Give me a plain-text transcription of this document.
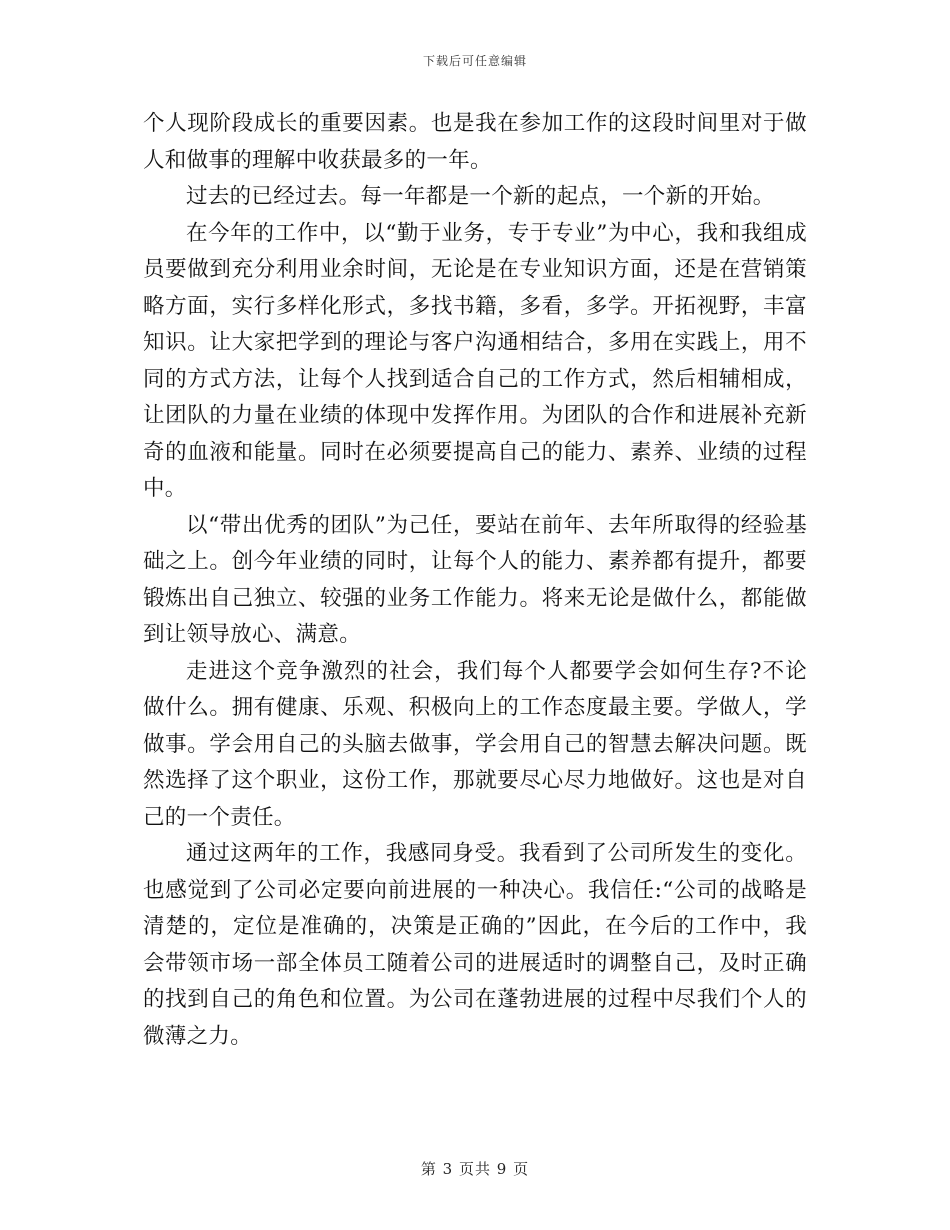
下载后可任意编辑

个人现阶段成长的重要因素。也是我在参加工作的这段时间里对于做人和做事的理解中收获最多的一年。

过去的已经过去。每一年都是一个新的起点，一个新的开始。

在今年的工作中，以“勤于业务，专于专业”为中心，我和我组成员要做到充分利用业余时间，无论是在专业知识方面，还是在营销策略方面，实行多样化形式，多找书籍，多看，多学。开拓视野，丰富知识。让大家把学到的理论与客户沟通相结合，多用在实践上，用不同的方式方法，让每个人找到适合自己的工作方式，然后相辅相成，让团队的力量在业绩的体现中发挥作用。为团队的合作和进展补充新奇的血液和能量。同时在必须要提高自己的能力、素养、业绩的过程中。

以“带出优秀的团队”为己任，要站在前年、去年所取得的经验基础之上。创今年业绩的同时，让每个人的能力、素养都有提升，都要锻炼出自己独立、较强的业务工作能力。将来无论是做什么，都能做到让领导放心、满意。

走进这个竞争激烈的社会，我们每个人都要学会如何生存?不论做什么。拥有健康、乐观、积极向上的工作态度最主要。学做人，学做事。学会用自己的头脑去做事，学会用自己的智慧去解决问题。既然选择了这个职业，这份工作，那就要尽心尽力地做好。这也是对自己的一个责任。

通过这两年的工作，我感同身受。我看到了公司所发生的变化。也感觉到了公司必定要向前进展的一种决心。我信任:“公司的战略是清楚的，定位是准确的，决策是正确的”因此，在今后的工作中，我会带领市场一部全体员工随着公司的进展适时的调整自己，及时正确的找到自己的角色和位置。为公司在蓬勃进展的过程中尽我们个人的微薄之力。

第 3 页共 9 页
